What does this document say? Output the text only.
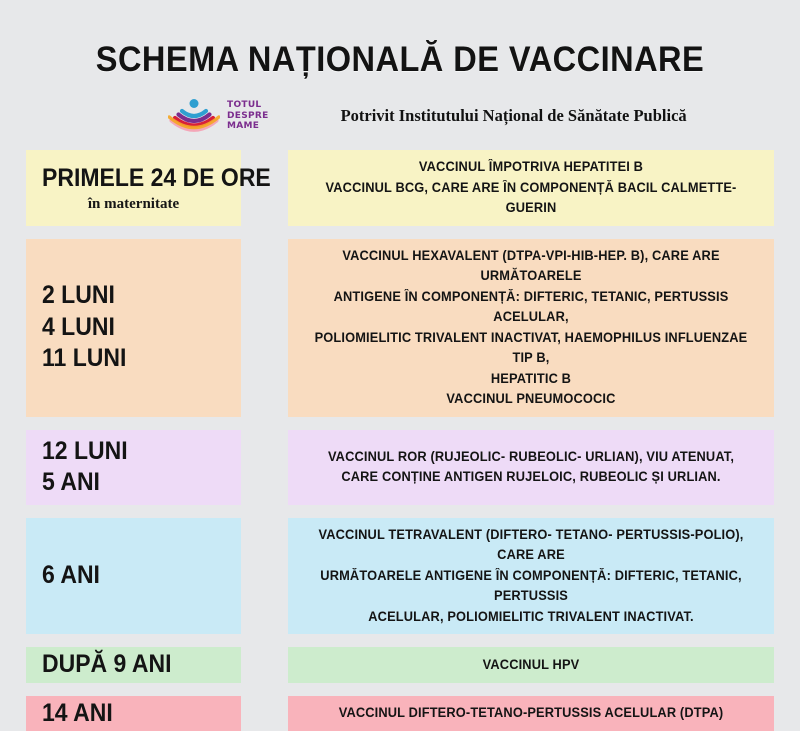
SCHEMA NAȚIONALĂ DE VACCINARE
TOTUL
DESPRE
MAME
Potrivit Institutului Național de Sănătate Publică
PRIMELE 24 DE ORE
în maternitate
VACCINUL ÎMPOTRIVA HEPATITEI B
VACCINUL BCG, CARE ARE ÎN COMPONENȚĂ BACIL CALMETTE-GUERIN
2 LUNI
4 LUNI
11 LUNI
VACCINUL HEXAVALENT (DTPA-VPI-HIB-HEP. B), CARE ARE URMĂTOARELE
ANTIGENE ÎN COMPONENȚĂ: DIFTERIC, TETANIC, PERTUSSIS ACELULAR,
POLIOMIELITIC TRIVALENT INACTIVAT, HAEMOPHILUS INFLUENZAE TIP B,
HEPATITIC B
VACCINUL PNEUMOCOCIC
12 LUNI
5 ANI
VACCINUL ROR (RUJEOLIC- RUBEOLIC- URLIAN), VIU ATENUAT,
CARE CONȚINE ANTIGEN RUJELOIC, RUBEOLIC ȘI URLIAN.
6 ANI
VACCINUL TETRAVALENT (DIFTERO- TETANO- PERTUSSIS-POLIO), CARE ARE
URMĂTOARELE ANTIGENE ÎN COMPONENȚĂ: DIFTERIC, TETANIC, PERTUSSIS
ACELULAR, POLIOMIELITIC TRIVALENT INACTIVAT.
DUPĂ 9 ANI	VACCINUL HPV
14 ANI	VACCINUL DIFTERO-TETANO-PERTUSSIS ACELULAR (DTPA)
